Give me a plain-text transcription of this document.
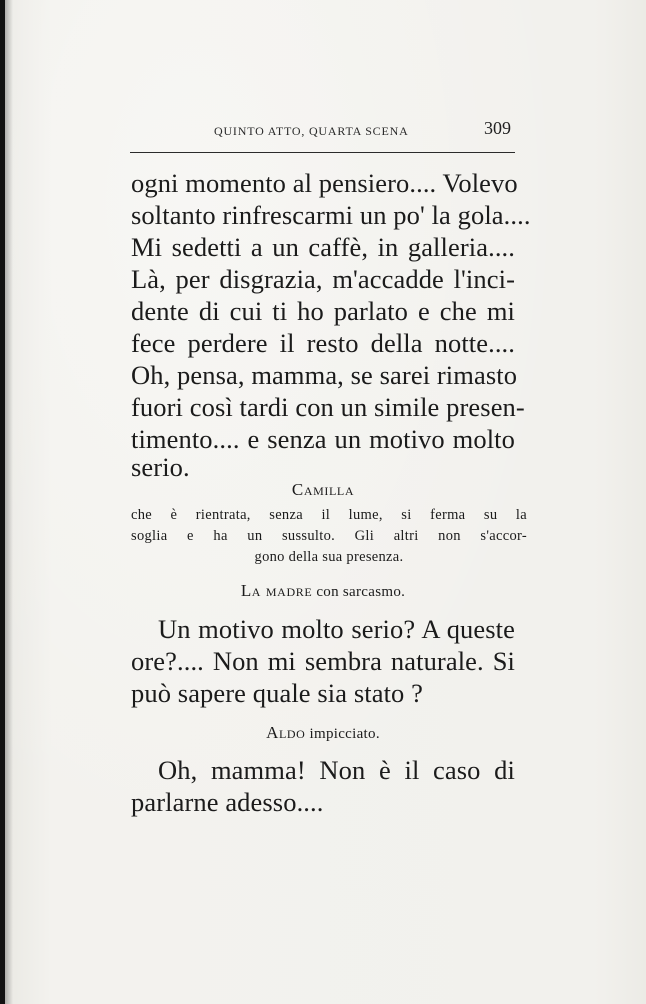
QUINTO ATTO, QUARTA SCENA	309
ogni momento al pensiero.... Volevo
soltanto rinfrescarmi un po' la gola....
Mi sedetti a un caffè, in galleria....
Là, per disgrazia, m'accadde l'inci-
dente di cui ti ho parlato e che mi
fece perdere il resto della notte....
Oh, pensa, mamma, se sarei rimasto
fuori così tardi con un simile presen-
timento.... e senza un motivo molto
serio.
Camilla
che è rientrata, senza il lume, si ferma su la
soglia e ha un sussulto. Gli altri non s'accor-
gono della sua presenza.
La madre con sarcasmo.
Un motivo molto serio? A queste
ore?.... Non mi sembra naturale. Si
può sapere quale sia stato ?
Aldo impicciato.
Oh, mamma! Non è il caso di
parlarne adesso....
